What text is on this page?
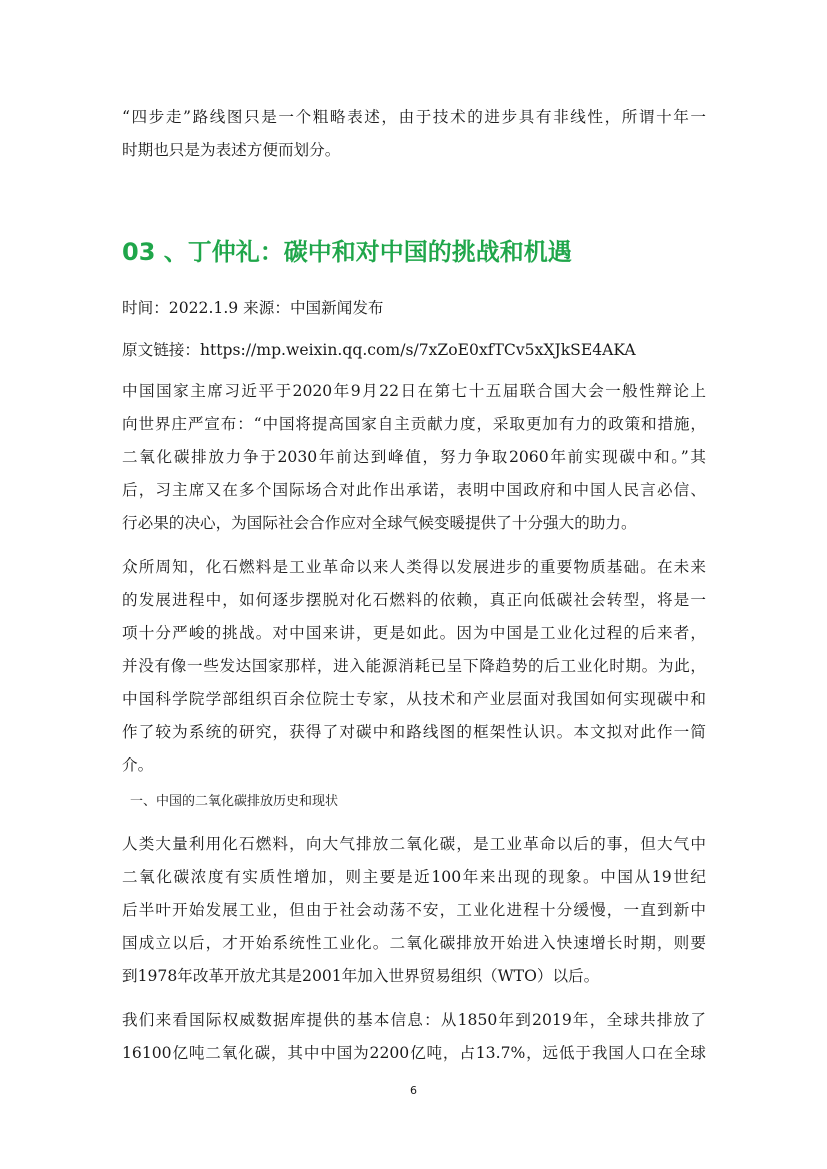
“四步走”路线图只是一个粗略表述，由于技术的进步具有非线性，所谓十年一
时期也只是为表述方便而划分。
03 、丁仲礼：碳中和对中国的挑战和机遇
时间：2022.1.9 来源：中国新闻发布
原文链接：https://mp.weixin.qq.com/s/7xZoE0xfTCv5xXJkSE4AKA
中国国家主席习近平于2020年9月22日在第七十五届联合国大会一般性辩论上
向世界庄严宣布：“中国将提高国家自主贡献力度，采取更加有力的政策和措施，
二氧化碳排放力争于2030年前达到峰值，努力争取2060年前实现碳中和。”其
后，习主席又在多个国际场合对此作出承诺，表明中国政府和中国人民言必信、
行必果的决心，为国际社会合作应对全球气候变暖提供了十分强大的助力。
众所周知，化石燃料是工业革命以来人类得以发展进步的重要物质基础。在未来
的发展进程中，如何逐步摆脱对化石燃料的依赖，真正向低碳社会转型，将是一
项十分严峻的挑战。对中国来讲，更是如此。因为中国是工业化过程的后来者，
并没有像一些发达国家那样，进入能源消耗已呈下降趋势的后工业化时期。为此，
中国科学院学部组织百余位院士专家，从技术和产业层面对我国如何实现碳中和
作了较为系统的研究，获得了对碳中和路线图的框架性认识。本文拟对此作一简
介。
一、中国的二氧化碳排放历史和现状
人类大量利用化石燃料，向大气排放二氧化碳，是工业革命以后的事，但大气中
二氧化碳浓度有实质性增加，则主要是近100年来出现的现象。中国从19世纪
后半叶开始发展工业，但由于社会动荡不安，工业化进程十分缓慢，一直到新中
国成立以后，才开始系统性工业化。二氧化碳排放开始进入快速增长时期，则要
到1978年改革开放尤其是2001年加入世界贸易组织（WTO）以后。
我们来看国际权威数据库提供的基本信息：从1850年到2019年，全球共排放了
16100亿吨二氧化碳，其中中国为2200亿吨，占13.7%，远低于我国人口在全球
6
